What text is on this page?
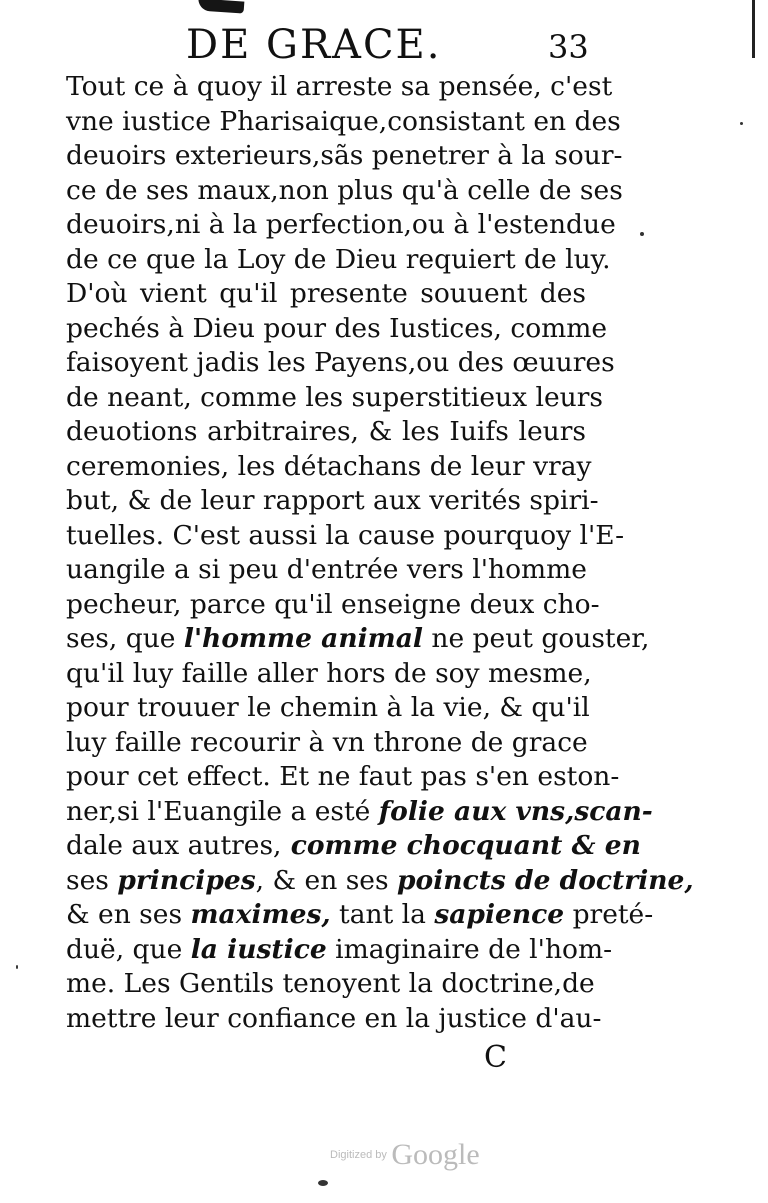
DE GRACE.	33
Tout ce à quoy il arreste sa pensée, c'est
vne iustice Pharisaique,consistant en des
deuoirs exterieurs,sãs penetrer à la sour-
ce de ses maux,non plus qu'à celle de ses
deuoirs,ni à la perfection,ou à l'estendue
de ce que la Loy de Dieu requiert de luy.
D'où vient qu'il presente souuent des
pechés à Dieu pour des Iustices, comme
faisoyent jadis les Payens,ou des œuures
de neant, comme les superstitieux leurs
deuotions arbitraires, & les Iuifs leurs
ceremonies, les détachans de leur vray
but, & de leur rapport aux verités spiri-
tuelles. C'est aussi la cause pourquoy l'E-
uangile a si peu d'entrée vers l'homme
pecheur, parce qu'il enseigne deux cho-
ses, que l'homme animal ne peut gouster,
qu'il luy faille aller hors de soy mesme,
pour trouuer le chemin à la vie, & qu'il
luy faille recourir à vn throne de grace
pour cet effect. Et ne faut pas s'en eston-
ner,si l'Euangile a esté folie aux vns,scan-
dale aux autres, comme chocquant & en
ses principes, & en ses poincts de doctrine,
& en ses maximes, tant la sapience preté-
duë, que la iustice imaginaire de l'hom-
me. Les Gentils tenoyent la doctrine,de
mettre leur confiance en la justice d'au-
C
Digitized by Google
